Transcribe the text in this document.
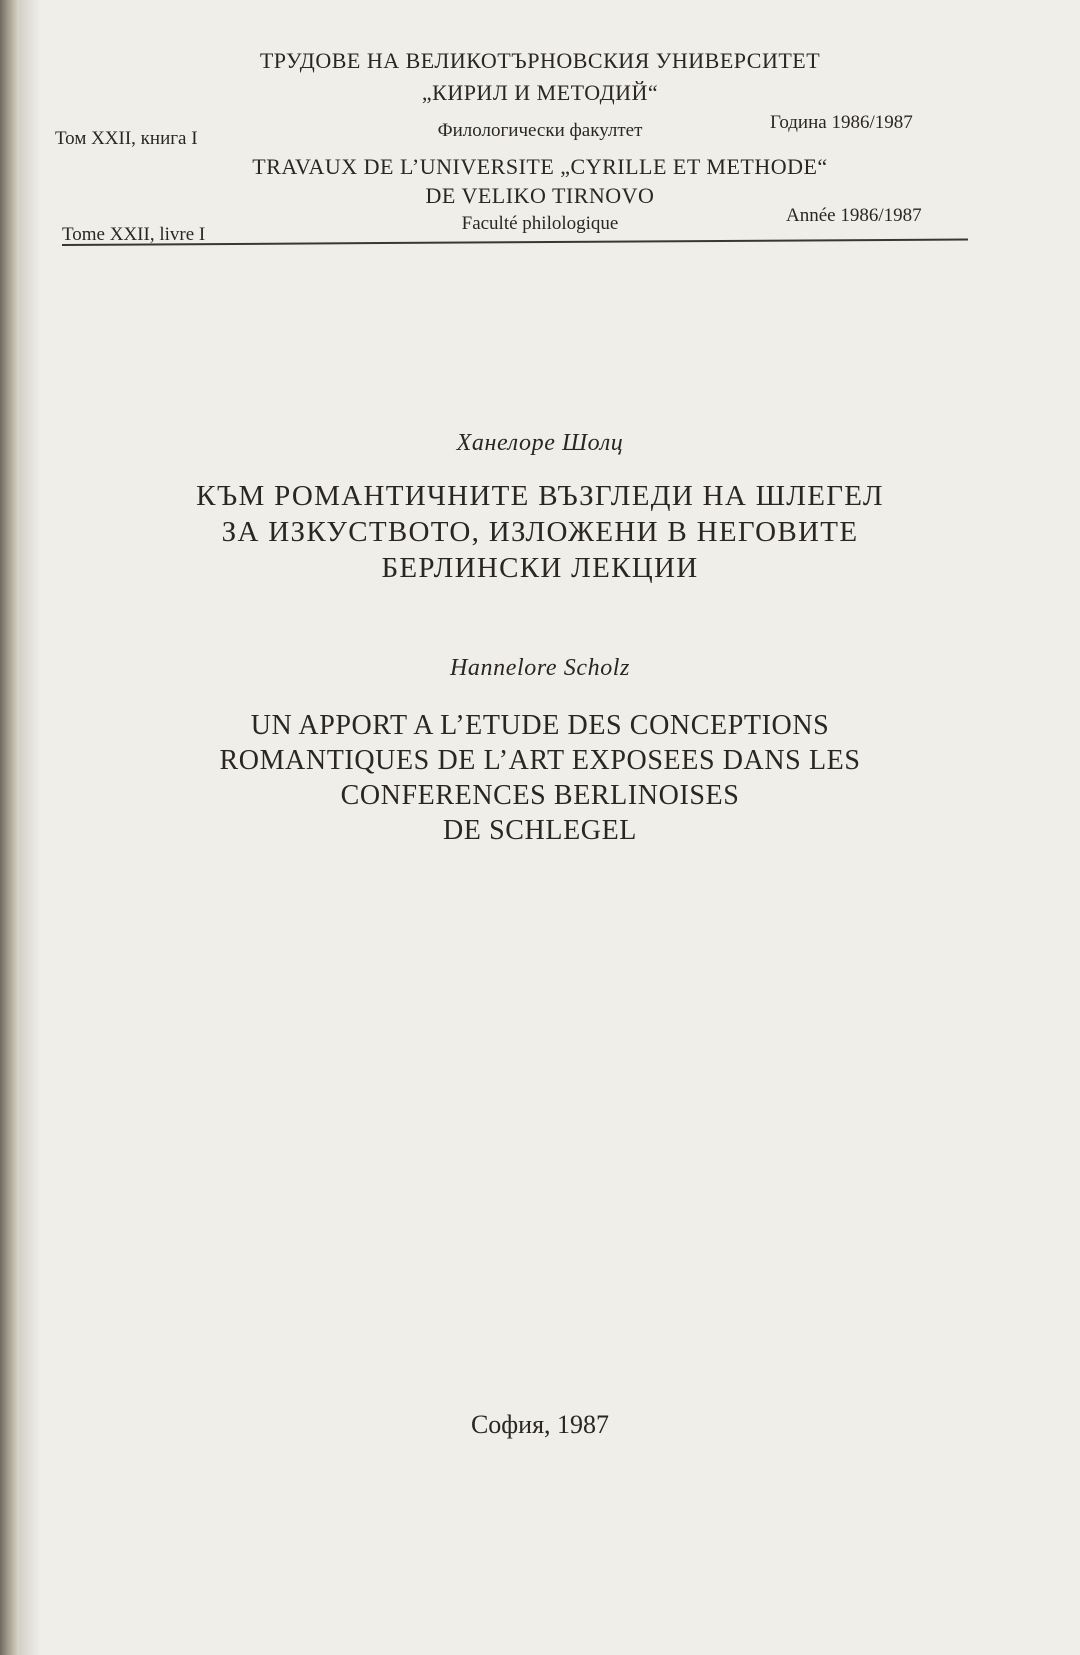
ТРУДОВЕ НА ВЕЛИКОТЪРНОВСКИЯ УНИВЕРСИТЕТ
„КИРИЛ И МЕТОДИЙ“
Том XXII, книга I	Филологически факултет	Година 1986/1987
TRAVAUX DE L’UNIVERSITE „CYRILLE ET METHODE“
DE VELIKO TIRNOVO
Tome XXII, livre I
Faculté philologique	Année 1986/1987
Ханелоре Шолц
КЪМ РОМАНТИЧНИТЕ ВЪЗГЛЕДИ НА ШЛЕГЕЛ
ЗА ИЗКУСТВОТО, ИЗЛОЖЕНИ В НЕГОВИТЕ
БЕРЛИНСКИ ЛЕКЦИИ
Hannelore Scholz
UN APPORT A L’ETUDE DES CONCEPTIONS
ROMANTIQUES DE L’ART EXPOSEES DANS LES
CONFERENCES BERLINOISES
DE SCHLEGEL
София, 1987
